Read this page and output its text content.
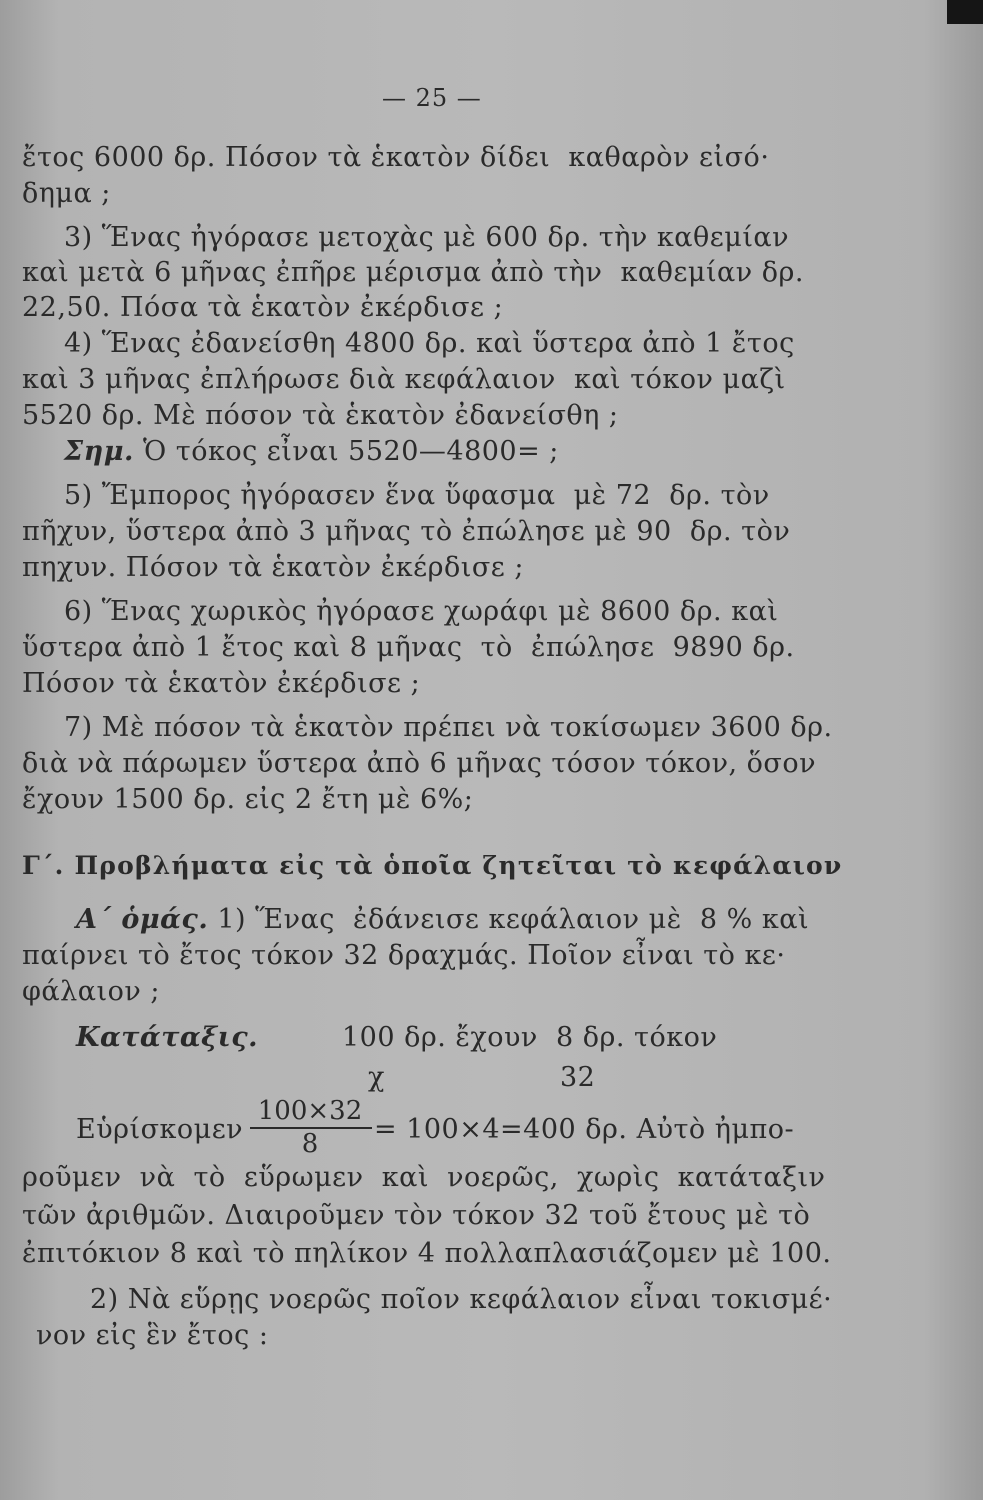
— 25 —
ἔτος 6000 δρ. Πόσον τὰ ἑκατὸν δίδει  καθαρὸν εἰσό·
δημα ;
3) Ἕνας ἠγόρασε μετοχὰς μὲ 600 δρ. τὴν καθεμίαν
καὶ μετὰ 6 μῆνας ἐπῆρε μέρισμα ἀπὸ τὴν  καθεμίαν δρ.
22,50. Πόσα τὰ ἑκατὸν ἐκέρδισε ;
4) Ἕνας ἐδανείσθη 4800 δρ. καὶ ὕστερα ἀπὸ 1 ἔτος
καὶ 3 μῆνας ἐπλήρωσε διὰ κεφάλαιον  καὶ τόκον μαζὶ
5520 δρ. Μὲ πόσον τὰ ἑκατὸν ἐδανείσθη ;
Σημ. Ὁ τόκος εἶναι 5520—4800= ;
5) Ἔμπορος ἠγόρασεν ἕνα ὕφασμα  μὲ 72  δρ. τὸν
πῆχυν, ὕστερα ἀπὸ 3 μῆνας τὸ ἐπώλησε μὲ 90  δρ. τὸν
πηχυν. Πόσον τὰ ἑκατὸν ἐκέρδισε ;
6) Ἕνας χωρικὸς ἠγόρασε χωράφι μὲ 8600 δρ. καὶ
ὕστερα ἀπὸ 1 ἔτος καὶ 8 μῆνας  τὸ  ἐπώλησε  9890 δρ.
Πόσον τὰ ἑκατὸν ἐκέρδισε ;
7) Μὲ πόσον τὰ ἑκατὸν πρέπει νὰ τοκίσωμεν 3600 δρ.
διὰ νὰ πάρωμεν ὕστερα ἀπὸ 6 μῆνας τόσον τόκον, ὅσον
ἔχουν 1500 δρ. εἰς 2 ἔτη μὲ 6%;
Γ΄. Προβλήματα εἰς τὰ ὁποῖα ζητεῖται τὸ κεφάλαιον
Α΄ ὁμάς. 1) Ἕνας  ἐδάνεισε κεφάλαιον μὲ  8 % καὶ
παίρνει τὸ ἔτος τόκον 32 δραχμάς. Ποῖον εἶναι τὸ κε·
φάλαιον ;
Κατάταξις.	100 δρ. ἔχουν  8 δρ. τόκον
χ	32
Εὑρίσκομεν
100×32
8	= 100×4=400 δρ. Αὐτὸ ἠμπο-
ροῦμεν  νὰ  τὸ  εὕρωμεν  καὶ  νοερῶς,  χωρὶς  κατάταξιν
τῶν ἀριθμῶν. Διαιροῦμεν τὸν τόκον 32 τοῦ ἔτους μὲ τὸ
ἐπιτόκιον 8 καὶ τὸ πηλίκον 4 πολλαπλασιάζομεν μὲ 100.
2) Νὰ εὕρῃς νοερῶς ποῖον κεφάλαιον εἶναι τοκισμέ·
νον εἰς ἓν ἔτος :
